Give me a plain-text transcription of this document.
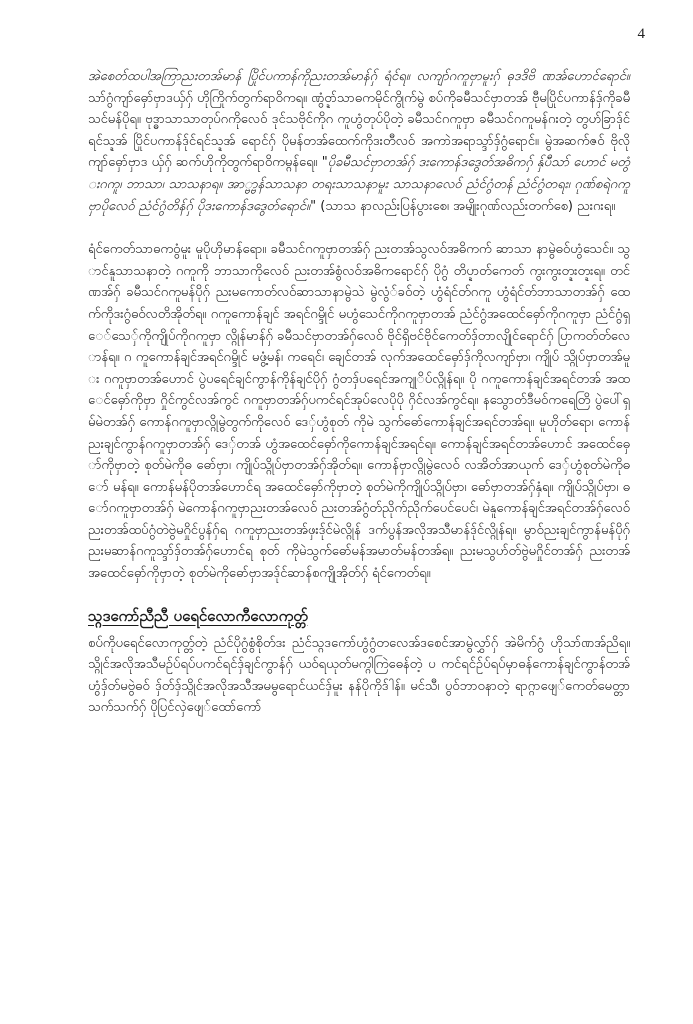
4

အဲစေတ်ထပါအကြာညးတအ်မာန် ပြိုင်ပကာန်ကိုညးတအ်မာန်ဂှ် ရံင်ရ။ လကျာ်ဂကူဗှာမူးဂှ် ဓုဒဒိဗိ ဏအ်ဟောင်ရောင်။ သာ်ဂွံကျာ်ဓှော်ဗှာဒယှ်ဂှ် ဟိုကြိုက်တွက်ရာဝိကရ။ ဏွံဝ္ဍာ်သာဓကမိုင်ကွိုက်မွဲ စပ်ကိုခမီသင်ဗှာတအ် ဗီုမပြိုင်ပကာန်ဒှ်ကိုခမီသင်မန်ပိုရ။ ဗုဒ္ဓာသာသာတုပ်ဂကိုလေဝ် ဒုင်သဗိုင်ကိုဂ ကူဟွံတုပ်ပိုတဲ့ ခမီသင်ဂကူဗှာ ခမီသင်ဂကူမန်ဂးတဲ့ တွဟ်ခြာဒ်ုင်ရင်သ္ဍအ် ပြိုင်ပကာန်ဒ်ုင်ရင်သ္ဍအ် ရောင်ဂှ် ပိုမန်တအ်ထေက်ကိုဒးတီလဝ် အကာဲအရာသ္ဒာ်ဒှ်ဂွံရောင်။ မွဲအဆက်ဇဝ် ဗိုလိုကျာ်ဓှော်ဗှာဒ ယှ်ဂှ် ဆက်ဟိုကိုတွက်ရာဝိကမ္ဂန်ရေ။ "ပိုခမီသင်ဗှာတအ်ဂှ် ဒးကောန်ဒဒွေတ်အဓိကဂှ် နှ်ပီသာ် ဟောင် မတွံးဂကူ၊ ဘာသာ၊ သာသနာရ။ အာ္ဗ္ဗာန်သာသနာ တရးသာသနာမူး သာသနာလေဝ် ညံင်ဂွံတန် ညံင်ဂွံတရး၊ ဂုဏ်စရဲဂကူဗှာပိုလေဝ် ညံင်ဂွံတိန်ဂှ် ပိုဒးကောန်ဒဒွေတ်ရောင်။" (သာသ နာလည်းပြန်ပွားစေ၊ အမျိုးဂုဏ်လည်းတက်စေ) ညးဂးရ။

ရံင်ကေတ်သာဓကဝွံမူး မူပိုဟိုမာန်ရော။ ခမီသင်ဂကူဗှာတအ်ဂှ် ညးတအ်သွလဝ်အဓိကက် ဆာသာ နာမွဲဓဝ်ဟွံသေင်။ သွာင်နူသာသနာတဲ့ ဂကူကို ဘာသာကိုလေဝ် ညးတအ်စွံလဝ်အဓိကရောင်ဂှ် ပိုဂွံ တိပ္ဍာတ်ကေတ် ကွးကွးတ္ဍးတ္ဍးရ။ တင်ဏအ်ဂှ် ခမီသင်ဂကူမန်ပိုဂှ် ညးမကောတ်လဝ်ဆာသာနာမွဲသဲ မွဲလွံ်ခဝ်တဲ့ ဟွံရံင်တ်ဂကူ ဟွံရံင်တ်ဘာသာတအ်ဂှ် ထေက်ကိုဒးဂွံဓဝ်လတိအိုတ်ရ။ ဂကူကောန်ချင် အရင်ဂမ္ဒိုင် မဟွံသေင်ကိုဂကူဗှာတအ် ညံင်ဂွံအထေင်ဓှော်ကိုဂကူဗှာ ညံင်ဂွံရှေ်သေှ်ကိုကျိုပ်ကိုဂကူဗှာ လ္ဂိုန်မာန်ဂှ် ခမီသင်ဗှာတအ်ဂှ်လေဝ် ဗိုင်ရှိဗင်ဗိုင်ကေတ်ဒှ်တာလျိုင်ရောင်ဂှ် ပြာကတ်တ်လောန်ရ။ ဂ ကူကောန်ချင်အရင်ဂမ္ဒိုင် မဖွံ့မန်၊ ကရေင်၊ ချေင်တအ် လုက်အထေင်ဓှော်ဒှ်ကိုလကျာ်ဗှာ၊ ကျိုပ် သ္ဂိုပ်ဗှာတအ်မူး ဂကူဗှာတအ်ဟောင် ပွဲပရေင်ချင်ကွာန်ကိုန်ချင်ပိုဂှ် ဂွံတဒှ်ပရေင်အကျုိပ်လ္ဂိုန်ရ။ ပို ဂကူကောန်ချင်အရင်တအ် အထေင်ဓှော်ကိုဗှာ ဂှိုင်ကွင်လအ်ကွင် ဂကူဗှာတအ်ဂှ်ပကင်ရင်အုပ်လေပိုပို ဂှိင်လအ်ကွင်ရ။ နသွောတ်ဒီမဝ်ကရေတြိ ပွဲပေါ်ရှမ်မဲတအ်ဂှ် ကောန်ဂကူဗှာလ္ဂိုမွဲတွက်ကိုလေဝ် ဒေှ်ဟွံစုတ် ကိုမဲ သွက်ဓော်ကောန်ချင်အရင်တအ်ရ။ မူဟိုတ်ရော၊ ကောန်ညးချင်ကွာန်ဂကူဗှာတအ်ဂှ် ဒေှ်တအ် ဟွံအထေင်ဓှော်ကိုကောန်ချင်အရင်ရ။ ကောန်ချင်အရင်တအ်ဟောင် အထေင်ဓှော်ကိုဗှာတဲ့ စုတ်မဲကိုဓ ဓော်ဗှာ၊ ကျိုပ်သ္ဂိုပ်ဗှာတအ်ဂှ်အိုတ်ရ။ ကောန်ဗှာလ္ဂိုမွဲလေဝ် လအိတ်အာယုက် ဒေှ်ဟွံစုတ်မဲကိုဓော် မန်ရ။ ကောန်မန်ပိုတအ်ဟောင်ရ အထေင်ဓှော်ကိုဗှာတဲ့ စုတ်မဲကိုကျိုပ်သ္ဂိုပ်ဗှာ၊ ဓော်ဗှာတအ်ဂှ်နှံရ။ ကျိုပ်သ္ဂိုပ်ဗှာ၊ ဓော်ဂကူဗှာတအ်ဂှ် မဲကောန်ဂကူဗှာညးတအ်လေဝ် ညးတအ်ဂွံတ်ညိုက်ညိုက်ပေင်ပေင်၊ မဲနူကောန်ချင်အရင်တအ်ဂှ်လေဝ် ညးတအ်ထပ်ဂွံတဲဗွဲမဂှိုင်ပွန်ဂှ်ရ ဂကူဗှာညးတအ်ဖှးဒ်ုင်မဲလ္ဂိုန် ဒက်ပွန်အလိုအသီမာန်ဒ်ုင်လ္ဂိုန်ရ။ မွာဝ်ညးချင်ကွာန်မန်ပိုဂှ် ညးမဆာန်ဂကူသ္ဒာ်ဒှ်တအ်ဂှ်ဟောင်ရ စုတ် ကိုမဲသွက်ဓော်မန်အမာတ်မန်တအ်ရ။ ညးမသွဟ်တ်ဗွဲမဂှိုင်တအ်ဂှ် ညးတအ်အထေင်ဓှော်ကိုဗှာတဲ့ စုတ်မဲကိုဓော်ဗှာအဒ်ုင်ဆာန်စကျိုအိုတ်ဂှ် ရံင်ကေတ်ရ။

သ္ဂဒကော်ညီညီ ပရေင်လောကီလောကုတ္တ်

စပ်ကိုပရေင်လောကုတ္တ်တဲ့ ညံင်ပိုဂွံစွံစိုတ်ဒး ညံင်သ္ဂဒကော်ဟွံဂွံတလေအ်ဒစေင်အာမွဲလွှာ်ဂှ် အဲမိက်ဂွံ ဟိုသာ်ဏအ်ညိရ။ သ္ဂိုင်အလိုအသီမဉ်ပ်ရပ်ပကင်ရင်ဒှ်ချင်ကွာန်ဂှ် ယဝ်ရယုတ်မက္ဂါကြဲဓေန်တဲ့ ပ ကင်ရင်ဉ်ပ်ရပ်မှာဓန်ကောန်ချင်ကွာန်တအ် ဟွံဒှ်တ်မဗွဲဓဝ် ဒှ်တ်ဒှ်သ္ဂိုင်အလိုအသီအမမွရောင်ယင်ဒှ်မူး နန်ပိုကိုဒ်ါန်။ မင်သီ၊ ပွဝ်ဘာဝနာတဲ့ ရာဂ္ဂာဖျေ်ကေတ်မေတ္တာသက်သက်ဂှ် ပိုပြင်လှဲဖျေ်ထော်ကော်
